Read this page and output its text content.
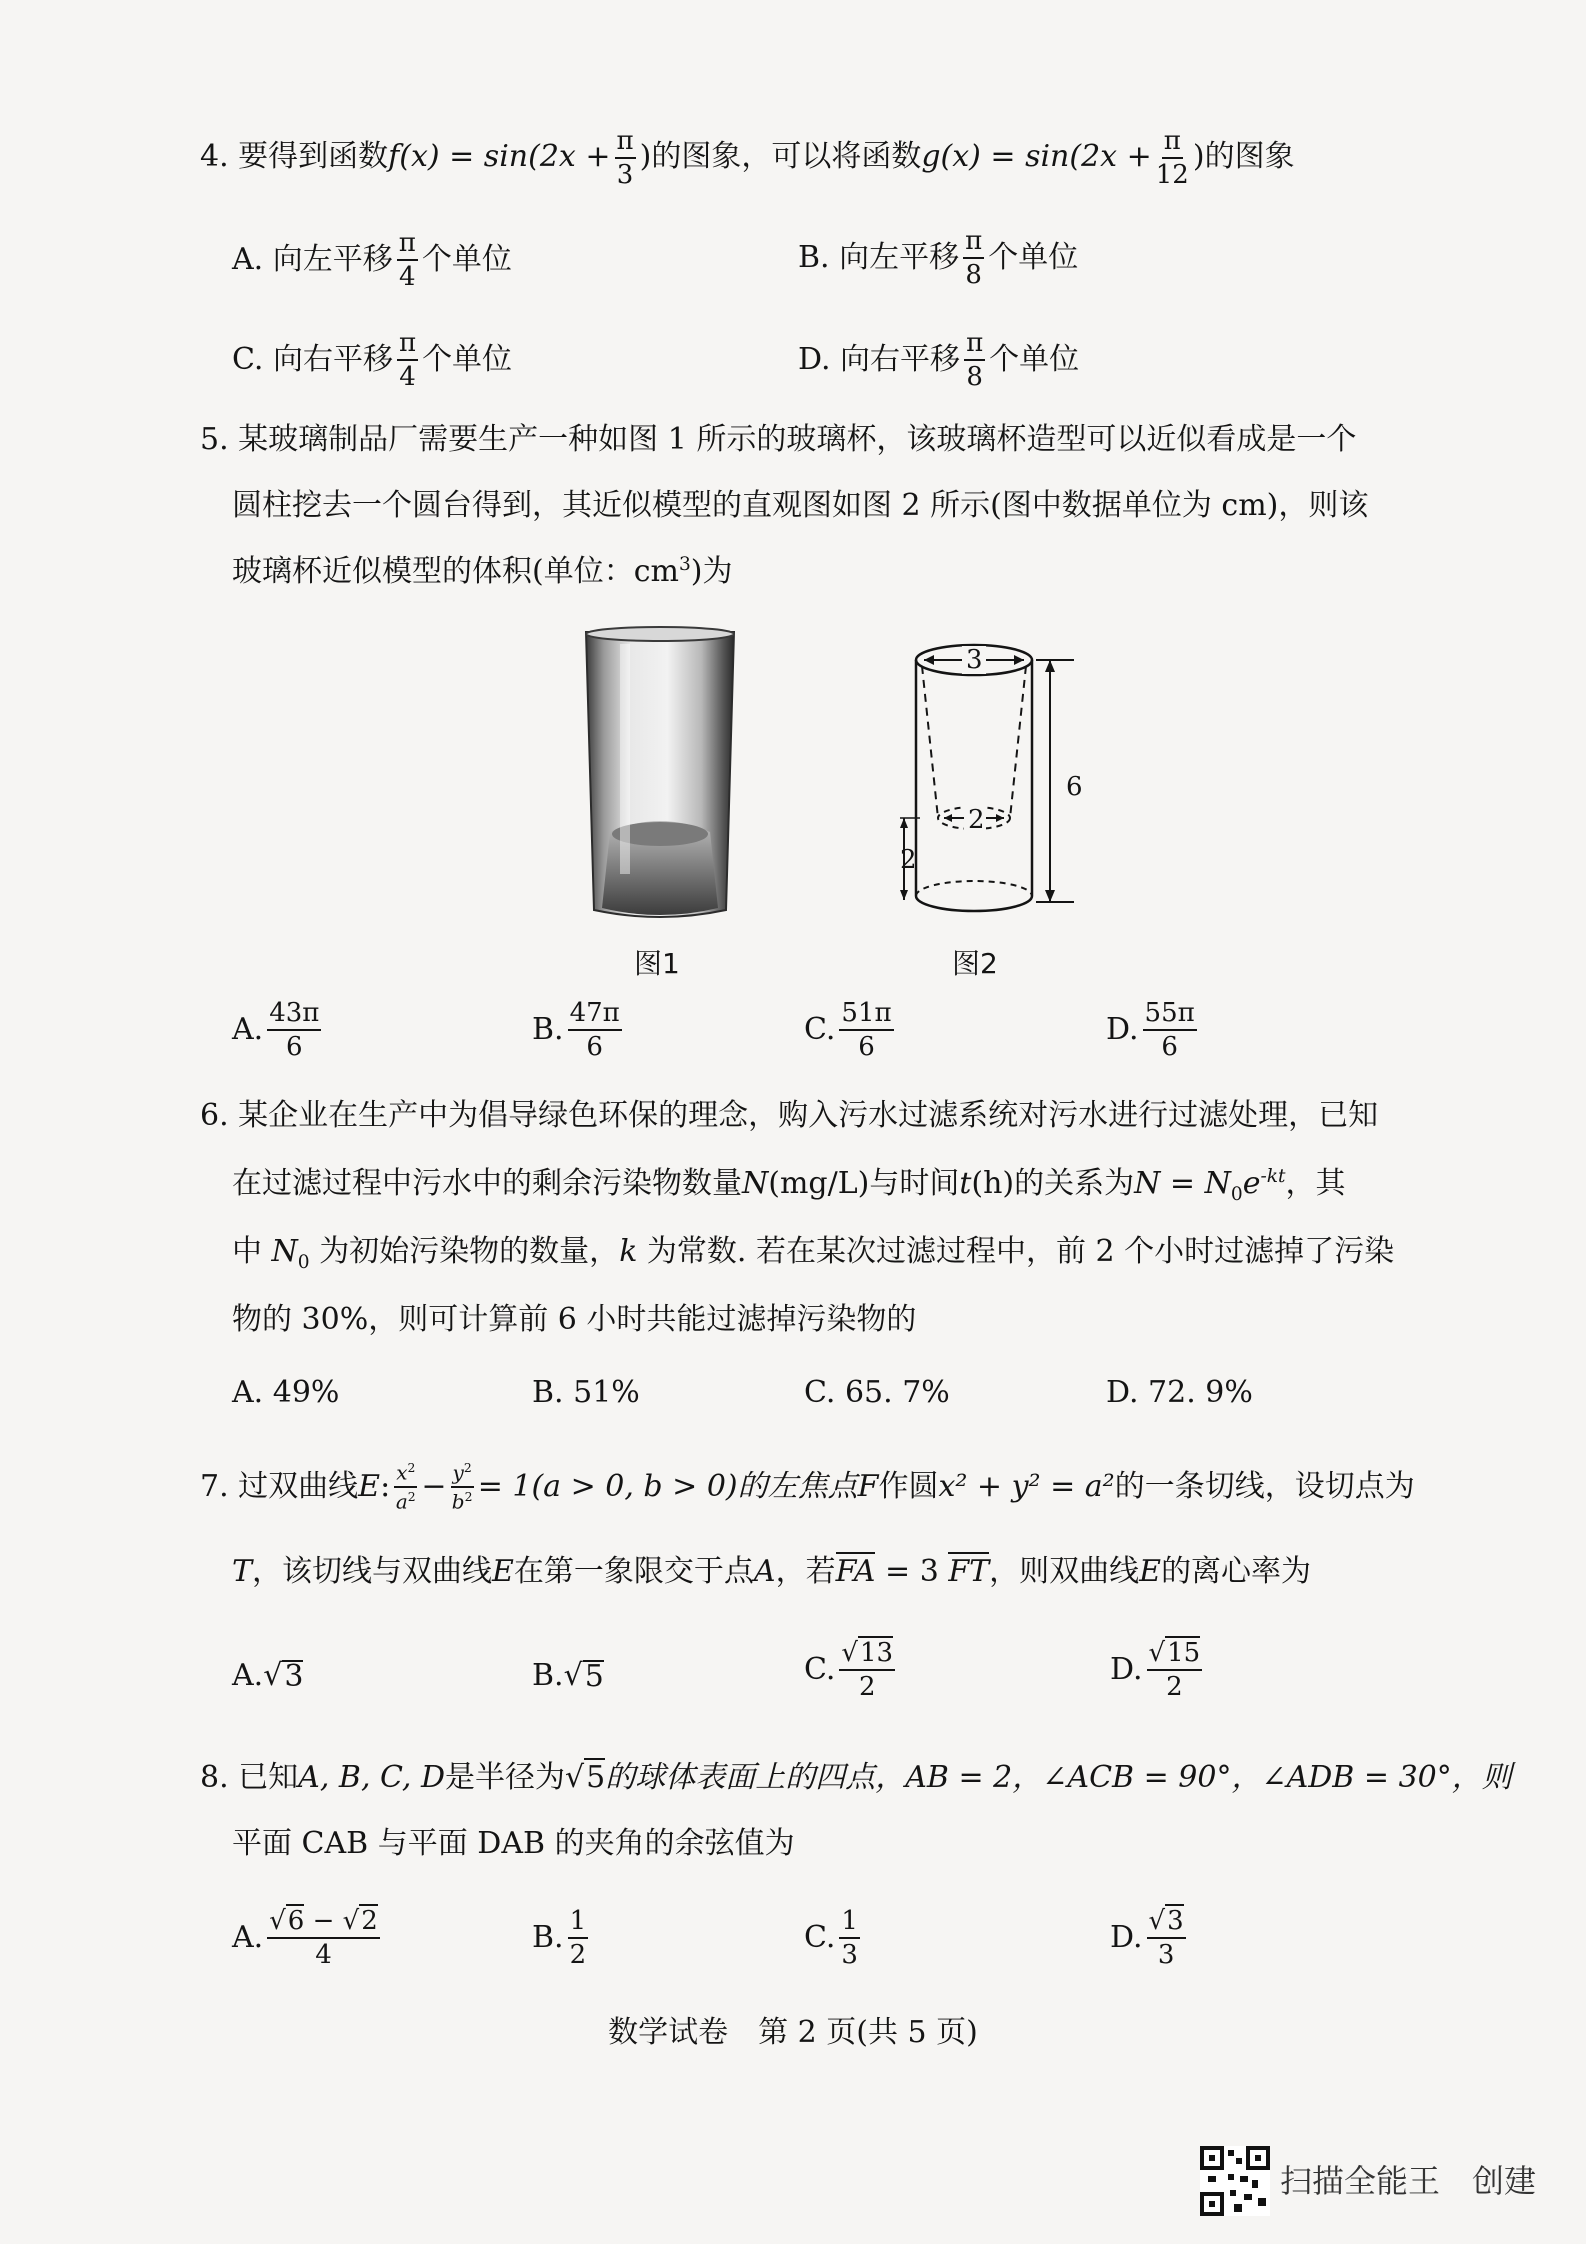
4. 要得到函数$f(x) = \sin(2x + \frac{\pi}{3}$ )的图象，可以将函数$g(x) = \sin(2x + \frac{\pi}{12}$ )的图象
A. 向左平移 $\frac{\pi}{4}$ 个单位	B. 向左平移 $\frac{\pi}{8}$ 个单位
C. 向右平移 $\frac{\pi}{4}$ 个单位	D. 向右平移 $\frac{\pi}{8}$ 个单位
5. 某玻璃制品厂需要生产一种如图 1 所示的玻璃杯，该玻璃杯造型可以近似看成是一个
圆柱挖去一个圆台得到，其近似模型的直观图如图 2 所示(图中数据单位为 cm)，则该
玻璃杯近似模型的体积(单位：$cm^3$)为
3
6
2
2
图1	图2
A. $\frac{43\pi}{6}$	B. $\frac{47\pi}{6}$	C. $\frac{51\pi}{6}$	D. $\frac{55\pi}{6}$
6. 某企业在生产中为倡导绿色环保的理念，购入污水过滤系统对污水进行过滤处理，已知
在过滤过程中污水中的剩余污染物数量N(mg/L)与时间t(h)的关系为$N = N_0e^{-kt}$，其
中 $N_0$ 为初始污染物的数量，k 为常数. 若在某次过滤过程中，前 2 个小时过滤掉了污染
物的 30%，则可计算前 6 小时共能过滤掉污染物的
A. 49%	B. 51%	C. 65. 7%	D. 72. 9%
7. 过双曲线 E : $\frac{x^2}{a^2} - \frac{y^2}{b^2} = 1(a > 0$, b > 0)的左焦点 F 作圆 x² + y² = a² 的一条切线，设切点为
T，该切线与双曲线E在第一象限交于点A，若FA = 3 FT，则双曲线E的离心率为
A. √ 3	B. √ 5	C. $\frac{√13}{2}$	D. $\frac{√15}{2}$
8. 已知A, B, C, D是半径为√5的球体表面上的四点，AB = 2，∠ACB = 90°，∠ADB = 30°，则
平面 CAB 与平面 DAB 的夹角的余弦值为
A. $\frac{√6 - √2}{4}$	B. $\frac{1}{2}$	C. $\frac{1}{3}$	D. $\frac{√3}{3}$
数学试卷　第 2 页(共 5 页)
扫描全能王　创建
